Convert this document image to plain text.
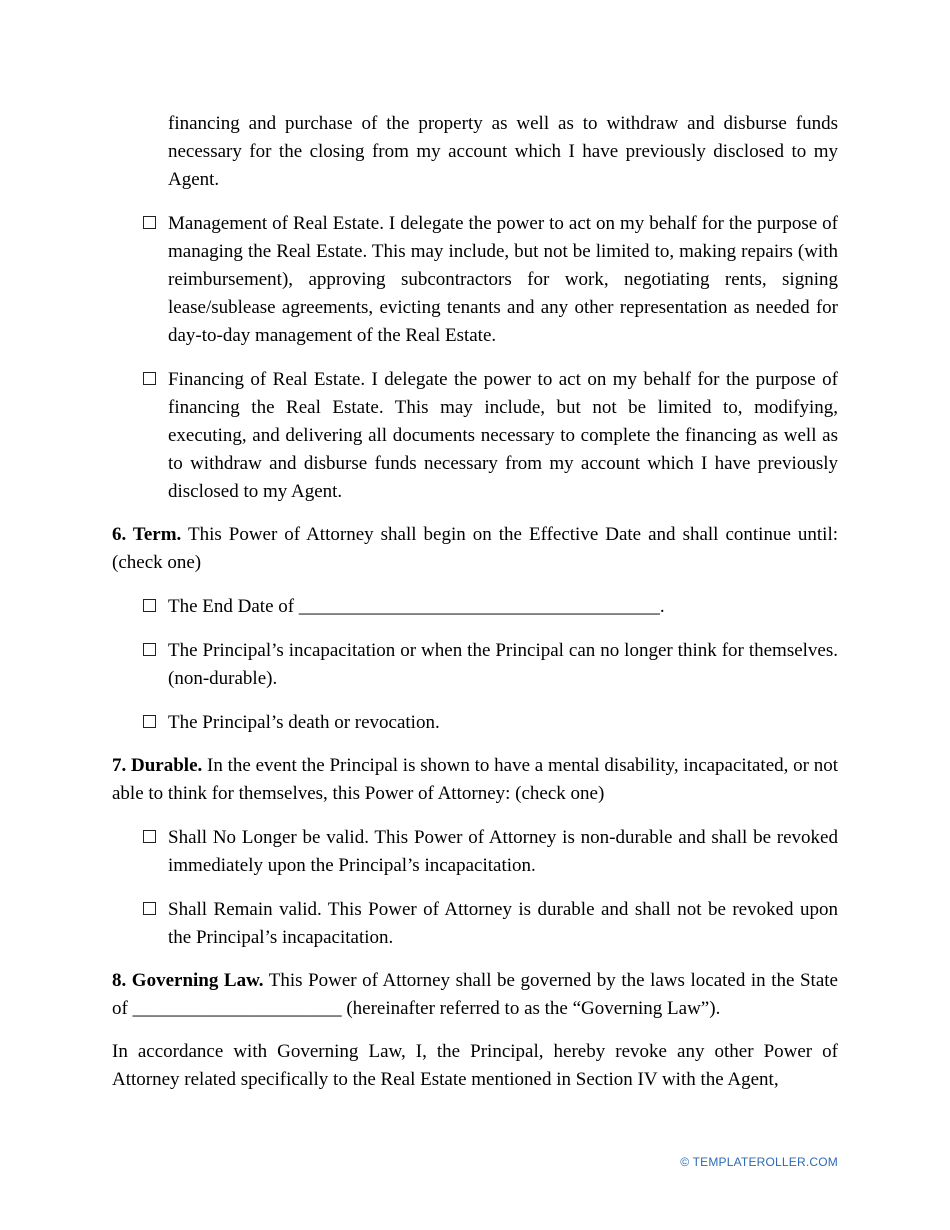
financing and purchase of the property as well as to withdraw and disburse funds necessary for the closing from my account which I have previously disclosed to my Agent.

Management of Real Estate. I delegate the power to act on my behalf for the purpose of managing the Real Estate. This may include, but not be limited to, making repairs (with reimbursement), approving subcontractors for work, negotiating rents, signing lease/sublease agreements, evicting tenants and any other representation as needed for day-to-day management of the Real Estate.

Financing of Real Estate. I delegate the power to act on my behalf for the purpose of financing the Real Estate. This may include, but not be limited to, modifying, executing, and delivering all documents necessary to complete the financing as well as to withdraw and disburse funds necessary from my account which I have previously disclosed to my Agent.

6. Term. This Power of Attorney shall begin on the Effective Date and shall continue until: (check one)

The End Date of ______________________________________.

The Principal’s incapacitation or when the Principal can no longer think for themselves. (non-durable).

The Principal’s death or revocation.

7. Durable. In the event the Principal is shown to have a mental disability, incapacitated, or not able to think for themselves, this Power of Attorney: (check one)

Shall No Longer be valid. This Power of Attorney is non-durable and shall be revoked immediately upon the Principal’s incapacitation.

Shall Remain valid. This Power of Attorney is durable and shall not be revoked upon the Principal’s incapacitation.

8. Governing Law. This Power of Attorney shall be governed by the laws located in the State of ______________________ (hereinafter referred to as the “Governing Law”).

In accordance with Governing Law, I, the Principal, hereby revoke any other Power of Attorney related specifically to the Real Estate mentioned in Section IV with the Agent,

© TEMPLATEROLLER.COM
